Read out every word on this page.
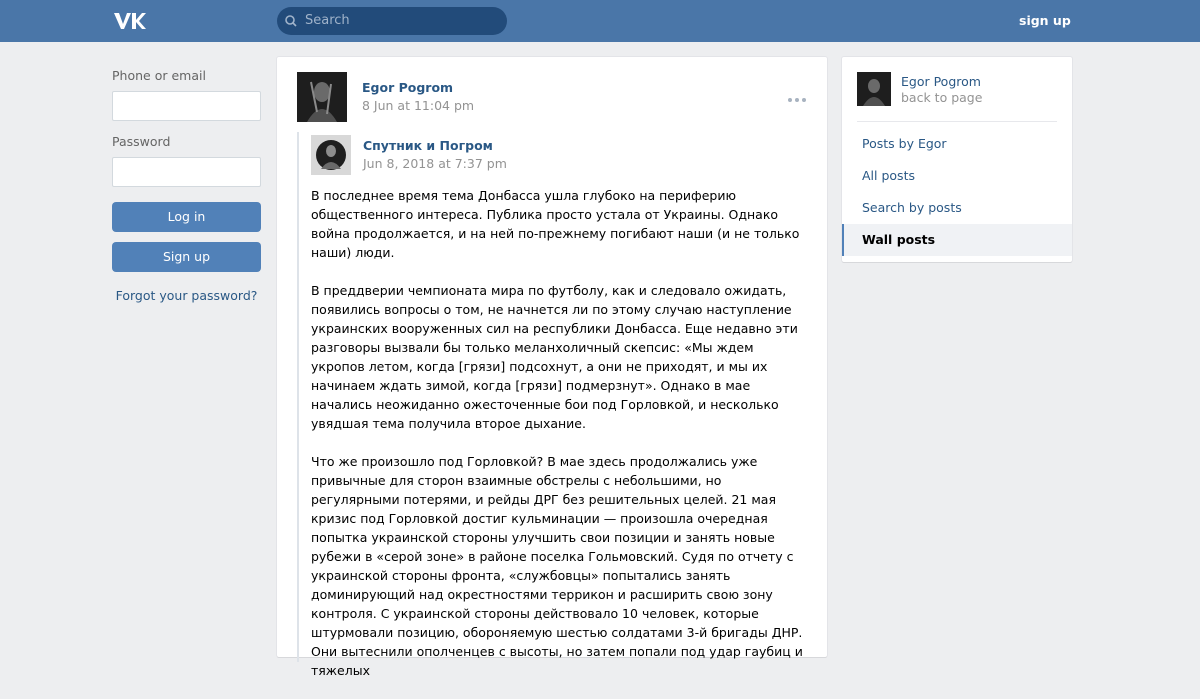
Search	sign up
Phone or email
Password
Log in
Sign up
Forgot your password?
Egor Pogrom
8 Jun at 11:04 pm
Спутник и Погром
Jun 8, 2018 at 7:37 pm

В последнее время тема Донбасса ушла глубоко на периферию общественного интереса. Публика просто устала от Украины. Однако война продолжается, и на ней по-прежнему погибают наши (и не только наши) люди.

В преддверии чемпионата мира по футболу, как и следовало ожидать, появились вопросы о том, не начнется ли по этому случаю наступление украинских вооруженных сил на республики Донбасса. Еще недавно эти разговоры вызвали бы только меланхоличный скепсис: «Мы ждем укропов летом, когда [грязи] подсохнут, а они не приходят, и мы их начинаем ждать зимой, когда [грязи] подмерзнут». Однако в мае начались неожиданно ожесточенные бои под Горловкой, и несколько увядшая тема получила второе дыхание.

Что же произошло под Горловкой? В мае здесь продолжались уже привычные для сторон взаимные обстрелы с небольшими, но регулярными потерями, и рейды ДРГ без решительных целей. 21 мая кризис под Горловкой достиг кульминации — произошла очередная попытка украинской стороны улучшить свои позиции и занять новые рубежи в «серой зоне» в районе поселка Гольмовский. Судя по отчету с украинской стороны фронта, «службовцы» попытались занять доминирующий над окрестностями террикон и расширить свою зону контроля. С украинской стороны действовало 10 человек, которые штурмовали позицию, обороняемую шестью солдатами 3-й бригады ДНР. Они вытеснили ополченцев с высоты, но затем попали под удар гаубиц и тяжелых

Egor Pogrom
back to page
Posts by Egor
All posts
Search by posts
Wall posts
